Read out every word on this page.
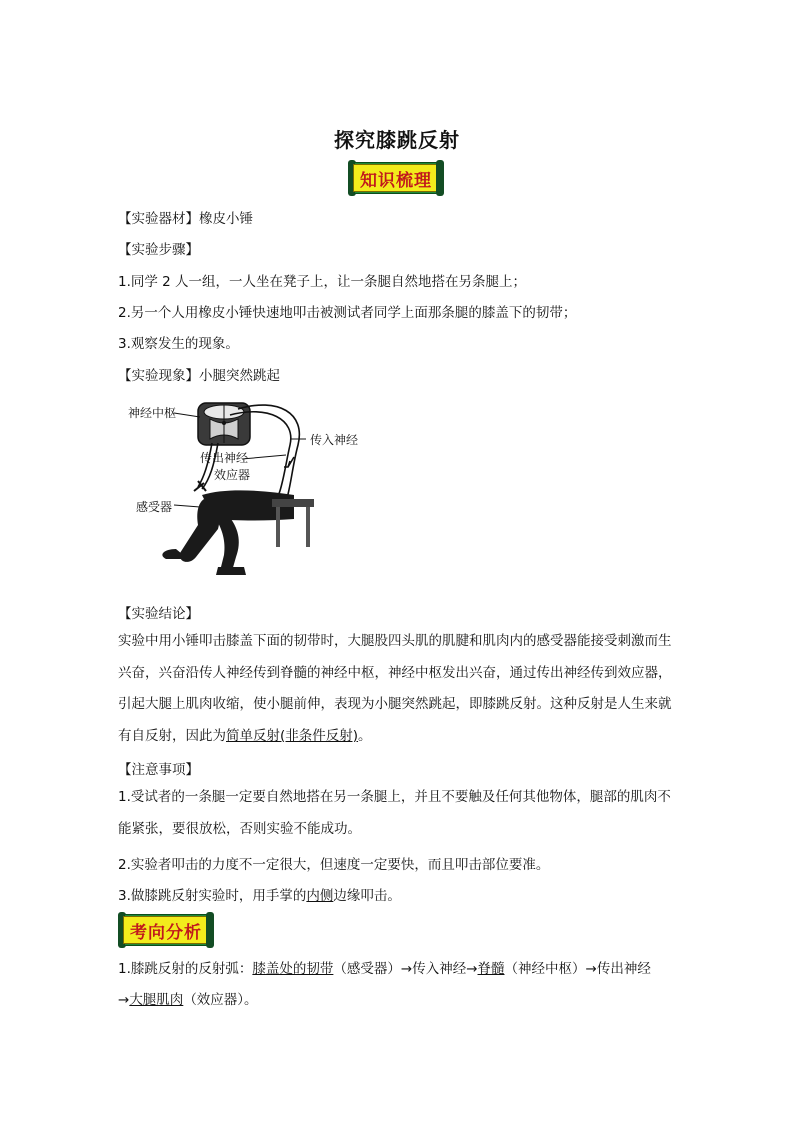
探究膝跳反射
知识梳理
【实验器材】橡皮小锤
【实验步骤】
1.同学 2 人一组，一人坐在凳子上，让一条腿自然地搭在另条腿上；
2.另一个人用橡皮小锤快速地叩击被测试者同学上面那条腿的膝盖下的韧带；
3.观察发生的现象。
【实验现象】小腿突然跳起
神经中枢
传入神经
传出神经
效应器
感受器
【实验结论】
实验中用小锤叩击膝盖下面的韧带时，大腿股四头肌的肌腱和肌肉内的感受器能接受刺激而生兴奋，兴奋沿传人神经传到脊髓的神经中枢，神经中枢发出兴奋，通过传出神经传到效应器，引起大腿上肌肉收缩，使小腿前伸，表现为小腿突然跳起，即膝跳反射。这种反射是人生来就有自反射，因此为简单反射(非条件反射)。
【注意事项】
1.受试者的一条腿一定要自然地搭在另一条腿上，并且不要触及任何其他物体，腿部的肌肉不能紧张，要很放松，否则实验不能成功。
2.实验者叩击的力度不一定很大，但速度一定要快，而且叩击部位要准。
3.做膝跳反射实验时，用手掌的内侧边缘叩击。
考向分析
1.膝跳反射的反射弧：膝盖处的韧带（感受器）→传入神经→脊髓（神经中枢）→传出神经
→大腿肌肉（效应器）。
